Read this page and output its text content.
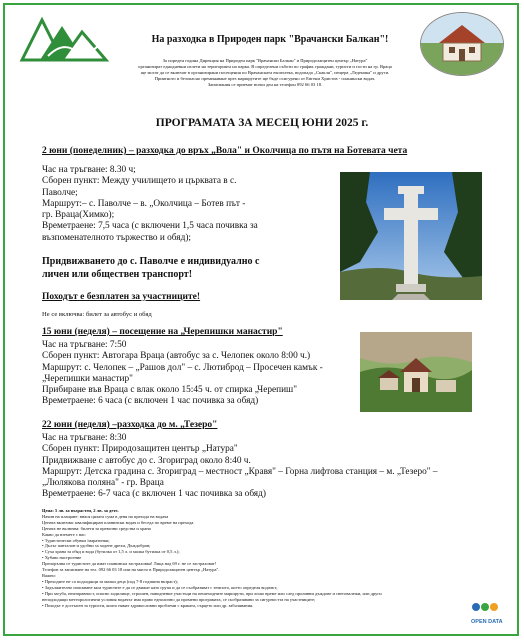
На разходка в Природен парк "Врачански Балкан"!
За пореден година Дирекция на Природен парк "Врачански Балкан" и Природозащитен център „Натура"
организират еднодневни излети на територията на парка. В определени съботи по график граждани, туристи и гости на гр. Враца
ще могат да се включат в организирани посещения по Врачанската екопътека, водопада „Скакля", пещера „Леденика" и други.
Приятното и безопасно преминаване през маршрутите ще бъде осигурено от Евгени Христов - планински водач.
Записвания се приемат всеки ден на телефон 092 66 03 18.
ПРОГРАМАТА ЗА МЕСЕЦ ЮНИ 2025 г.
2 юни (понеделник) – разходка до връх „Вола" и Околчица по пътя на Ботевата чета
Час на тръгване: 8.30 ч;
Сборен пункт: Между училището и църквата в с.
Паволче;
Маршрут:– с. Паволче – в. „Околчица – Ботев път -
гр. Враца(Химко);
Времетраене: 7,5 часа (с включени 1,5 часа почивка за
възпоменателното тържество и обяд);
Придвижването до с. Паволче е индивидуално с
личен или обществен транспорт!
Походът е безплатен за участниците!
Не се включва: билет за автобус и обяд
15 юни (неделя) – посещение на „Черепишки манастир"
Час на тръгване: 7:50
Сборен пункт: Автогара Враца (автобус за с. Челопек около 8:00 ч.)
Маршрут: с. Челопек – „Рашов дол" – с. Лютиброд – Просечен камък -
„Черепишки манастир"
Прибиране във Враца с влак около 15:45 ч. от спирка „Черепиш"
Времетраене: 6 часа (с включен 1 час почивка за обяд)
22 юни (неделя) –разходка до м. „Тезеро"
Час на тръгване: 8:30
Сборен пункт: Природозащитен център „Натура"
Придвижване с автобус до с. Згориград около 8:40 ч.
Маршрут: Детска градина с. Згориград – местност „Кравя" – Горна лифтова станция – м. „Тезеро" –
„Люляковa поляна" - гр. Враца
Времетраене: 6-7 часа (с включен 1 час почивка за обяд)
Цена: 5 лв. за възрастен, 2 лв. за дете.
Начин на плащане: внася цялата сума в деня на прехода на водача
Цената включва: квалифициран планински водач и беседа по време на прехода.
Цената не включва: билети за превозни средства и храна
Какво да вземете с вас:
• Туристически обувки /маратонки;
• Дълъг панталон и удобни за ходене дрехи, Дъждобран;
• Суха храна за обяд и вода (бутилка от 1,5 л. и малка бутилка от 0,5 л.);
• Хубаво настроение
Препоръчва се туристите да имат планинска застраховка! Лица над 69 г. не се застраховат!
Телефон за записване на тел. 092 66 03 18 или на място в Природозащитен център „Натура".
Важно:
• Преходите не са подходящи за малки деца (под 7-8 годишна възраст);
• Задължително изискване към туристите е да се движат като група и да се съобразяват с темпото, което определя водачът;
• При загуба, неизправност, опасно ходилище, строшен, наводнение участъци на пешеходните маршрути, при лошо време или след проливни дъждове и снеговалежи, или други
неподходящи метеорологични условия водачът има право еднолично да промени програмата, се съобразявани за сигурността на участниците;
• Походът е достъпен за туристи, които нямат здравословни проблеми с краката, сърцето или др. заболявания.
OPEN DATA
